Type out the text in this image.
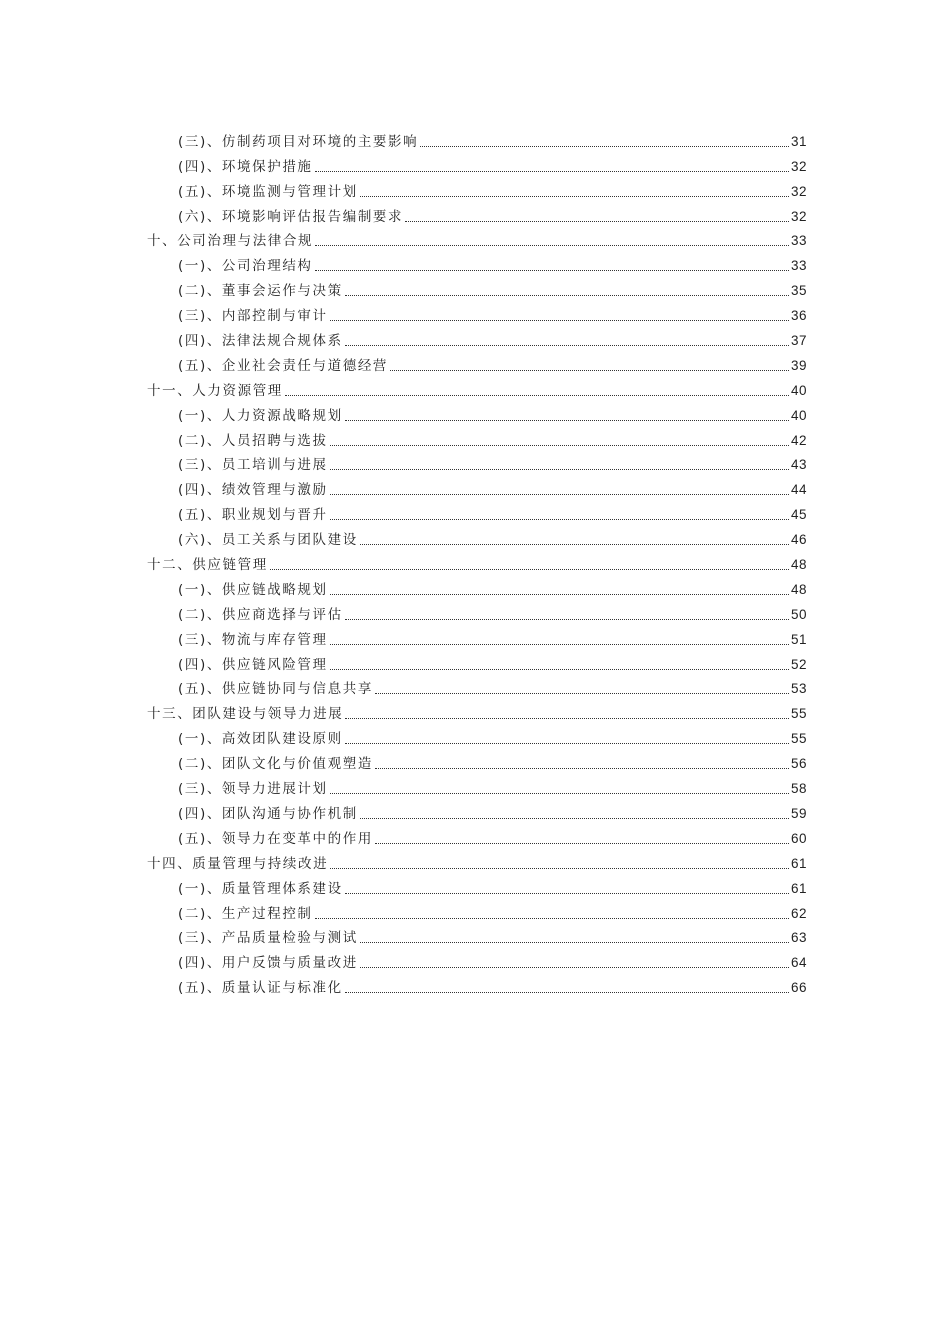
(三)、仿制药项目对环境的主要影响	31
(四)、环境保护措施	32
(五)、环境监测与管理计划	32
(六)、环境影响评估报告编制要求	32
十、公司治理与法律合规	33
(一)、公司治理结构	33
(二)、董事会运作与决策	35
(三)、内部控制与审计	36
(四)、法律法规合规体系	37
(五)、企业社会责任与道德经营	39
十一、人力资源管理	40
(一)、人力资源战略规划	40
(二)、人员招聘与选拔	42
(三)、员工培训与进展	43
(四)、绩效管理与激励	44
(五)、职业规划与晋升	45
(六)、员工关系与团队建设	46
十二、供应链管理	48
(一)、供应链战略规划	48
(二)、供应商选择与评估	50
(三)、物流与库存管理	51
(四)、供应链风险管理	52
(五)、供应链协同与信息共享	53
十三、团队建设与领导力进展	55
(一)、高效团队建设原则	55
(二)、团队文化与价值观塑造	56
(三)、领导力进展计划	58
(四)、团队沟通与协作机制	59
(五)、领导力在变革中的作用	60
十四、质量管理与持续改进	61
(一)、质量管理体系建设	61
(二)、生产过程控制	62
(三)、产品质量检验与测试	63
(四)、用户反馈与质量改进	64
(五)、质量认证与标准化	66
